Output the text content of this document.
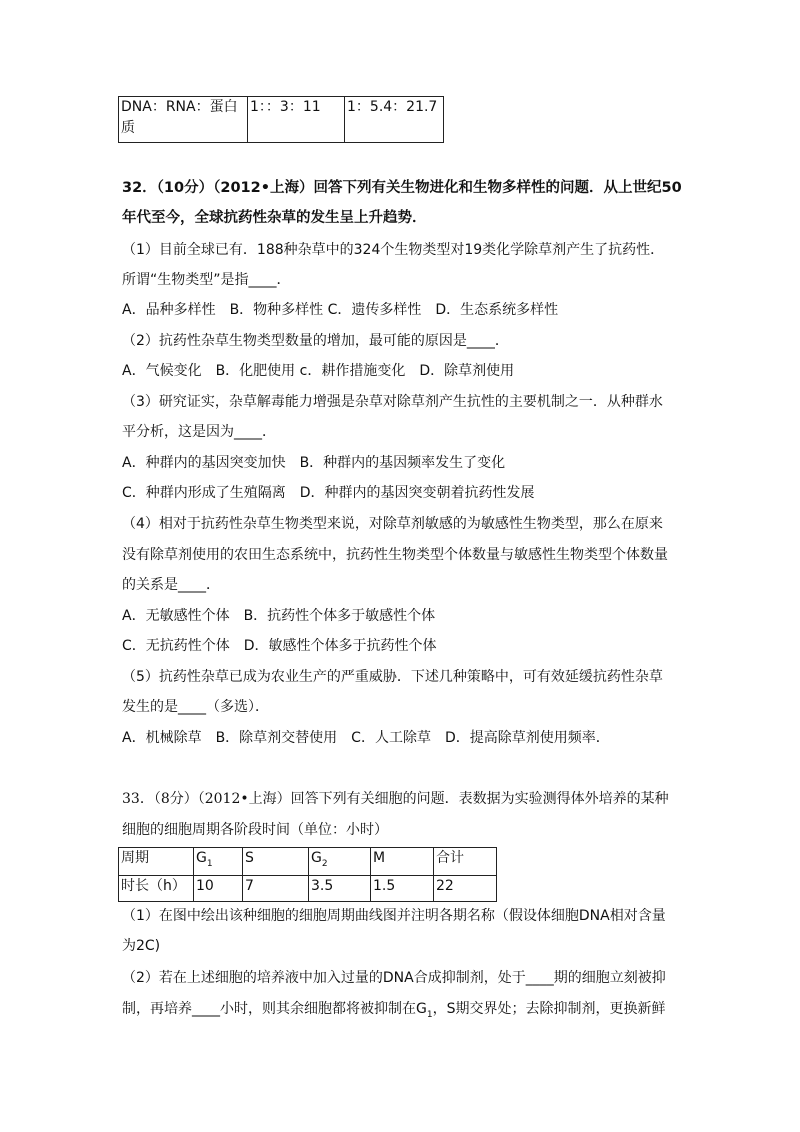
DNA：RNA：蛋白质	1：：3：11	1：5.4：21.7
32．（10分）（2012•上海）回答下列有关生物进化和生物多样性的问题．从上世纪50
年代至今，全球抗药性杂草的发生呈上升趋势．
（1）目前全球已有．188种杂草中的324个生物类型对19类化学除草剂产生了抗药性．
所谓“生物类型”是指____．
A．品种多样性　B．物种多样性 C．遗传多样性　D．生态系统多样性
（2）抗药性杂草生物类型数量的增加，最可能的原因是____．
A．气候变化　B．化肥使用 c．耕作措施变化　D．除草剂使用
（3）研究证实，杂草解毒能力增强是杂草对除草剂产生抗性的主要机制之一．从种群水
平分析，这是因为____．
A．种群内的基因突变加快　B．种群内的基因频率发生了变化
C．种群内形成了生殖隔离　D．种群内的基因突变朝着抗药性发展
（4）相对于抗药性杂草生物类型来说，对除草剂敏感的为敏感性生物类型，那么在原来
没有除草剂使用的农田生态系统中，抗药性生物类型个体数量与敏感性生物类型个体数量
的关系是____．
A．无敏感性个体　B．抗药性个体多于敏感性个体
C．无抗药性个体　D．敏感性个体多于抗药性个体
（5）抗药性杂草已成为农业生产的严重威胁．下述几种策略中，可有效延缓抗药性杂草
发生的是____（多选）．
A．机械除草　B．除草剂交替使用　C．人工除草　D．提高除草剂使用频率．
33．（8分）（2012•上海）回答下列有关细胞的问题．表数据为实验测得体外培养的某种
细胞的细胞周期各阶段时间（单位：小时）
周期	$G_1$	S	$G_2$	M	合计
时长（h）	10	7	3.5	1.5	22
（1）在图中绘出该种细胞的细胞周期曲线图并注明各期名称（假设体细胞DNA相对含量
为2C)
（2）若在上述细胞的培养液中加入过量的DNA合成抑制剂，处于____期的细胞立刻被抑
制，再培养____小时，则其余细胞都将被抑制在$G_1$，S期交界处；去除抑制剂，更换新鲜
